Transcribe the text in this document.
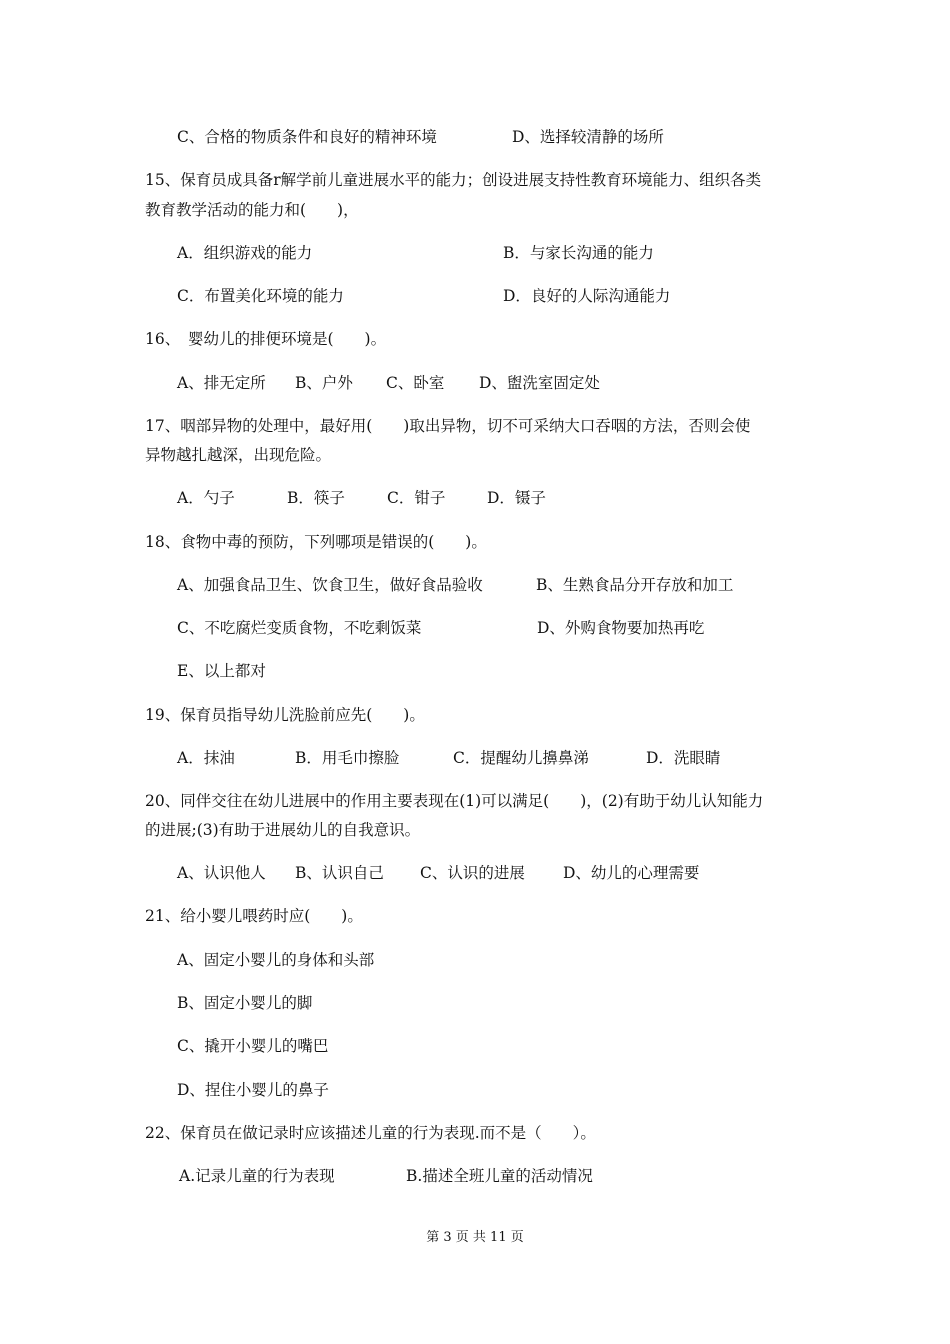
C、合格的物质条件和良好的精神环境	D、选择较清静的场所
15、保育员成具备r解学前儿童进展水平的能力；创设进展支持性教育环境能力、组织各类
教育教学活动的能力和(　　)，
A．组织游戏的能力	B．与家长沟通的能力
C．布置美化环境的能力	D．良好的人际沟通能力
16、　婴幼儿的排便环境是(　　)。
A、排无定所 B、户外 C、卧室 D、盥洗室固定处
17、咽部异物的处理中，最好用(　　)取出异物，切不可采纳大口吞咽的方法，否则会使
异物越扎越深，出现危险。
A．勺子	B．筷子	C．钳子	D．镊子
18、食物中毒的预防，下列哪项是错误的(　　)。
A、加强食品卫生、饮食卫生，做好食品验收	B、生熟食品分开存放和加工
C、不吃腐烂变质食物，不吃剩饭菜	D、外购食物要加热再吃
E、以上都对
19、保育员指导幼儿洗脸前应先(　　)。
A．抹油	B．用毛巾擦脸	C．提醒幼儿擤鼻涕	D．洗眼睛
20、同伴交往在幼儿进展中的作用主要表现在(1)可以满足(　　)，(2)有助于幼儿认知能力
的进展;(3)有助于进展幼儿的自我意识。
A、认识他人 B、认识自己 C、认识的进展 D、幼儿的心理需要
21、给小婴儿喂药时应(　　)。
A、固定小婴儿的身体和头部
B、固定小婴儿的脚
C、撬开小婴儿的嘴巴
D、捏住小婴儿的鼻子
22、保育员在做记录时应该描述儿童的行为表现.而不是（　　）。
A.记录儿童的行为表现	B.描述全班儿童的活动情况
第 3 页 共 11 页
